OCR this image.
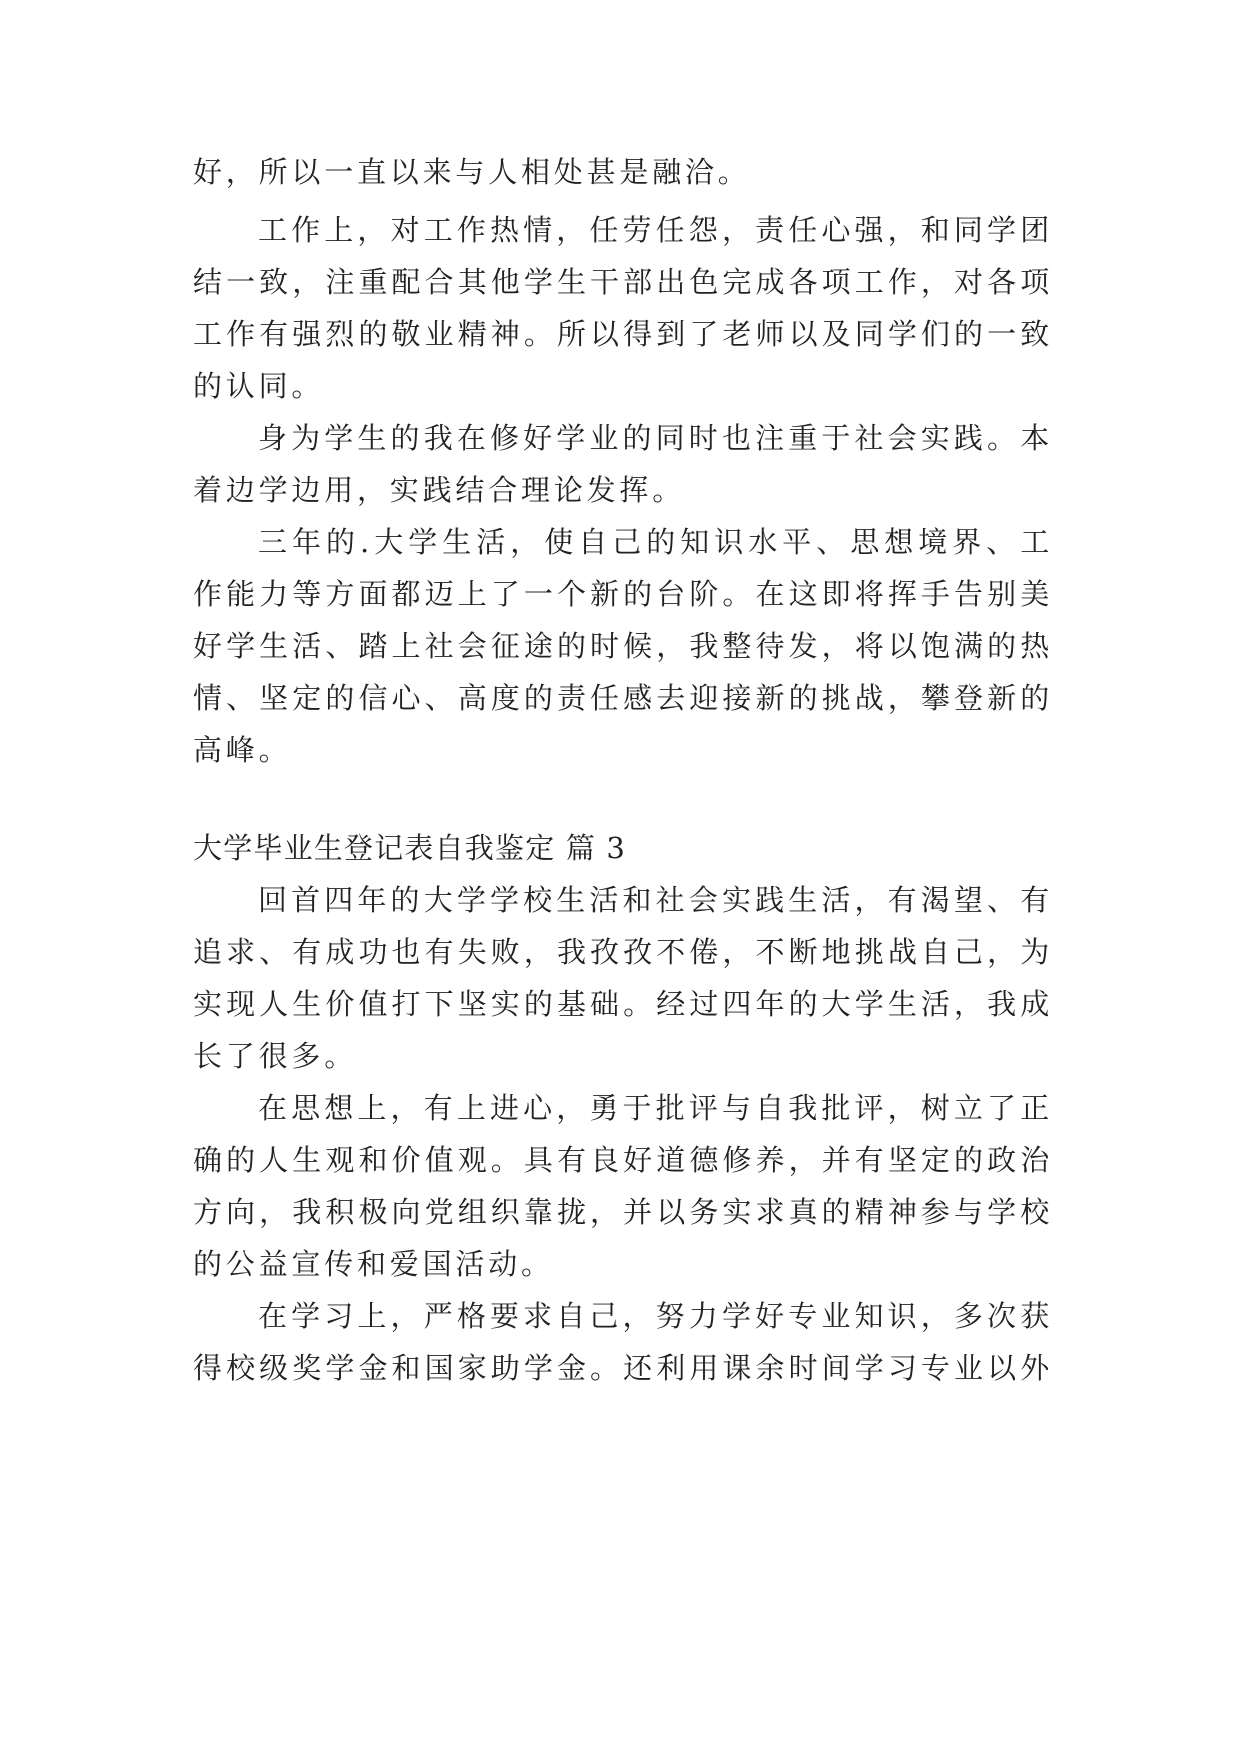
好，所以一直以来与人相处甚是融洽。
工作上，对工作热情，任劳任怨，责任心强，和同学团
结一致，注重配合其他学生干部出色完成各项工作，对各项
工作有强烈的敬业精神。所以得到了老师以及同学们的一致
的认同。
身为学生的我在修好学业的同时也注重于社会实践。本
着边学边用，实践结合理论发挥。
三年的.大学生活，使自己的知识水平、思想境界、工
作能力等方面都迈上了一个新的台阶。在这即将挥手告别美
好学生活、踏上社会征途的时候，我整待发，将以饱满的热
情、坚定的信心、高度的责任感去迎接新的挑战，攀登新的
高峰。
大学毕业生登记表自我鉴定 篇 3
回首四年的大学学校生活和社会实践生活，有渴望、有
追求、有成功也有失败，我孜孜不倦，不断地挑战自己，为
实现人生价值打下坚实的基础。经过四年的大学生活，我成
长了很多。
在思想上，有上进心，勇于批评与自我批评，树立了正
确的人生观和价值观。具有良好道德修养，并有坚定的政治
方向，我积极向党组织靠拢，并以务实求真的精神参与学校
的公益宣传和爱国活动。
在学习上，严格要求自己，努力学好专业知识，多次获
得校级奖学金和国家助学金。还利用课余时间学习专业以外
